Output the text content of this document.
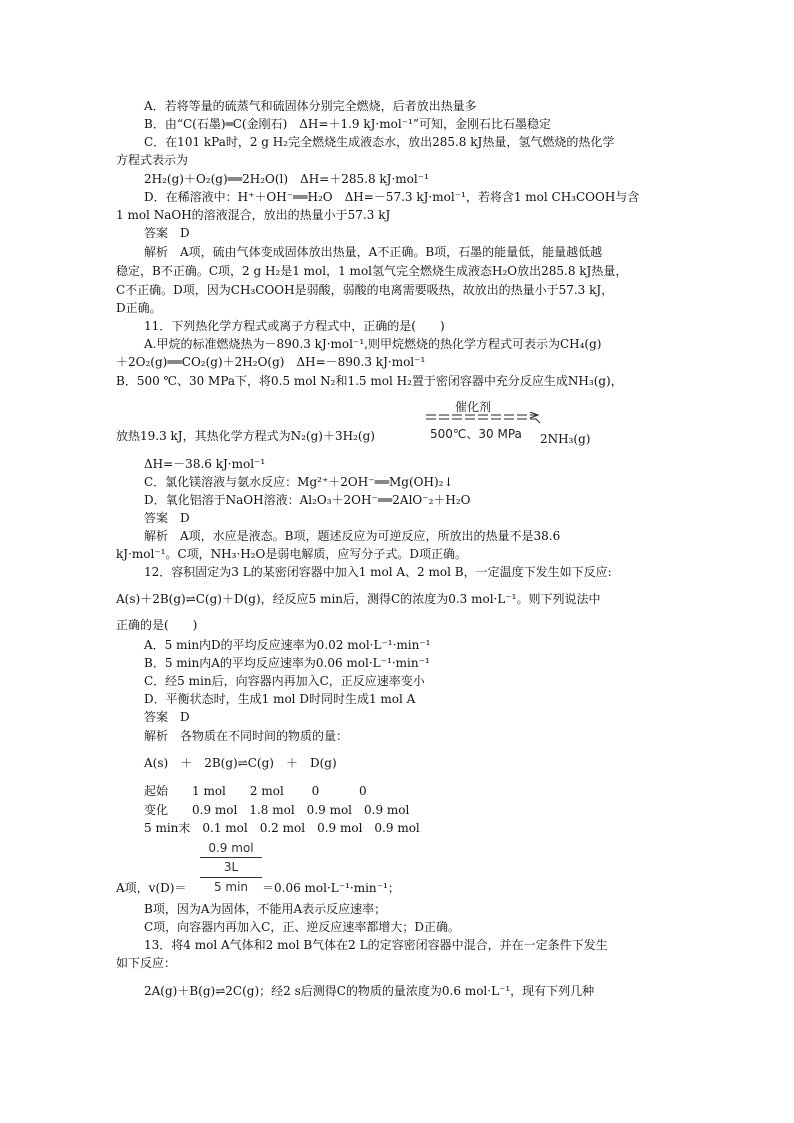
A．若将等量的硫蒸气和硫固体分别完全燃烧，后者放出热量多
B．由“C(石墨)═C(金刚石)　ΔH=＋1.9 kJ·mol⁻¹”可知，金刚石比石墨稳定
C．在101 kPa时，2 g H₂完全燃烧生成液态水，放出285.8 kJ热量，氢气燃烧的热化学
方程式表示为
2H₂(g)＋O₂(g)══2H₂O(l)　ΔH=＋285.8 kJ·mol⁻¹
D．在稀溶液中：H⁺＋OH⁻══H₂O　ΔH=－57.3 kJ·mol⁻¹，若将含1 mol CH₃COOH与含
1 mol NaOH的溶液混合，放出的热量小于57.3 kJ
答案　D
解析　A项，硫由气体变成固体放出热量，A不正确。B项，石墨的能量低，能量越低越
稳定，B不正确。C项，2 g H₂是1 mol，1 mol氢气完全燃烧生成液态H₂O放出285.8 kJ热量，
C不正确。D项，因为CH₃COOH是弱酸，弱酸的电离需要吸热，故放出的热量小于57.3 kJ，
D正确。
11．下列热化学方程式或离子方程式中，正确的是(　　)
A.甲烷的标准燃烧热为－890.3 kJ·mol⁻¹,则甲烷燃烧的热化学方程式可表示为CH₄(g)
＋2O₂(g)══CO₂(g)＋2H₂O(g)　ΔH=－890.3 kJ·mol⁻¹
B．500 ℃、30 MPa下，将0.5 mol N₂和1.5 mol H₂置于密闭容器中充分反应生成NH₃(g)，
放热19.3 kJ，其热化学方程式为N₂(g)＋3H₂(g)
催化剂
500℃、30 MPa 2NH₃(g)
ΔH=－38.6 kJ·mol⁻¹
C．氯化镁溶液与氨水反应：Mg²⁺＋2OH⁻══Mg(OH)₂↓
D．氧化铝溶于NaOH溶液：Al₂O₃＋2OH⁻══2AlO⁻₂＋H₂O
答案　D
解析　A项，水应是液态。B项，题述反应为可逆反应，所放出的热量不是38.6
kJ·mol⁻¹。C项，NH₃·H₂O是弱电解质，应写分子式。D项正确。
12．容积固定为3 L的某密闭容器中加入1 mol A、2 mol B，一定温度下发生如下反应:
A(s)＋2B(g)⇌C(g)＋D(g)，经反应5 min后，测得C的浓度为0.3 mol·L⁻¹。则下列说法中
正确的是(　　)
A．5 min内D的平均反应速率为0.02 mol·L⁻¹·min⁻¹
B．5 min内A的平均反应速率为0.06 mol·L⁻¹·min⁻¹
C．经5 min后，向容器内再加入C，正反应速率变小
D．平衡状态时，生成1 mol D时同时生成1 mol A
答案　D
解析　各物质在不同时间的物质的量：
A(s)　＋　2B(g)⇌C(g)　＋　D(g)
起始　　1 mol　　2 mol　　 0　　　 0
变化　　0.9 mol　1.8 mol　0.9 mol　0.9 mol
5 min末　0.1 mol　0.2 mol　0.9 mol　0.9 mol
0.9 mol
3L
5 min
A项，v(D)＝	＝0.06 mol·L⁻¹·min⁻¹；
B项，因为A为固体，不能用A表示反应速率；
C项，向容器内再加入C，正、逆反应速率都增大；D正确。
13．将4 mol A气体和2 mol B气体在2 L的定容密闭容器中混合，并在一定条件下发生
如下反应：
2A(g)＋B(g)⇌2C(g)；经2 s后测得C的物质的量浓度为0.6 mol·L⁻¹，现有下列几种
